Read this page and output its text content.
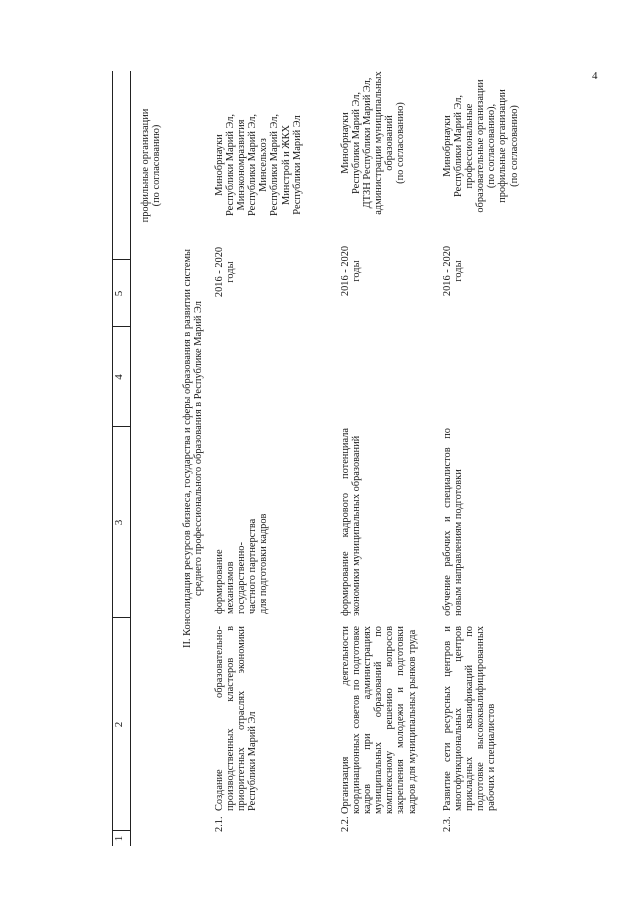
4
1
2
3
4
5
профильные организации
(по согласованию)
II. Консолидация ресурсов бизнеса, государства и сферы образования в развитии системы среднего профессионального образования в Республике Марий Эл
2.1.
Создание образовательно-производственных кластеров в приоритетных отраслях экономики Республики Марий Эл
формирование механизмов государственно-частного партнерства для подготовки кадров
2016 - 2020
годы
Минобрнауки
Республики Марий Эл,
Минэкономразвития
Республики Марий Эл,
Минсельхоз
Республики Марий Эл,
Минстрой и ЖКХ
Республики Марий Эл
2.2.
Организация деятельности координационных советов по подготовке кадров при администрациях муниципальных образований по комплексному решению вопросов закрепления молодежи и подготовки кадров для муниципальных рынков труда
формирование кадрового потенциала экономики муниципальных образований
2016 - 2020
годы
Минобрнауки
Республики Марий Эл,
ДТЗН Республики Марий Эл,
администрации муниципальных
образований
(по согласованию)
2.3.
Развитие сети ресурсных центров и многофункциональных центров прикладных квалификаций по подготовке высококвалифицированных рабочих и специалистов
обучение рабочих и специалистов по новым направлениям подготовки
2016 - 2020
годы
Минобрнауки
Республики Марий Эл,
профессиональные
образовательные организации
(по согласованию),
профильные организации
(по согласованию)
